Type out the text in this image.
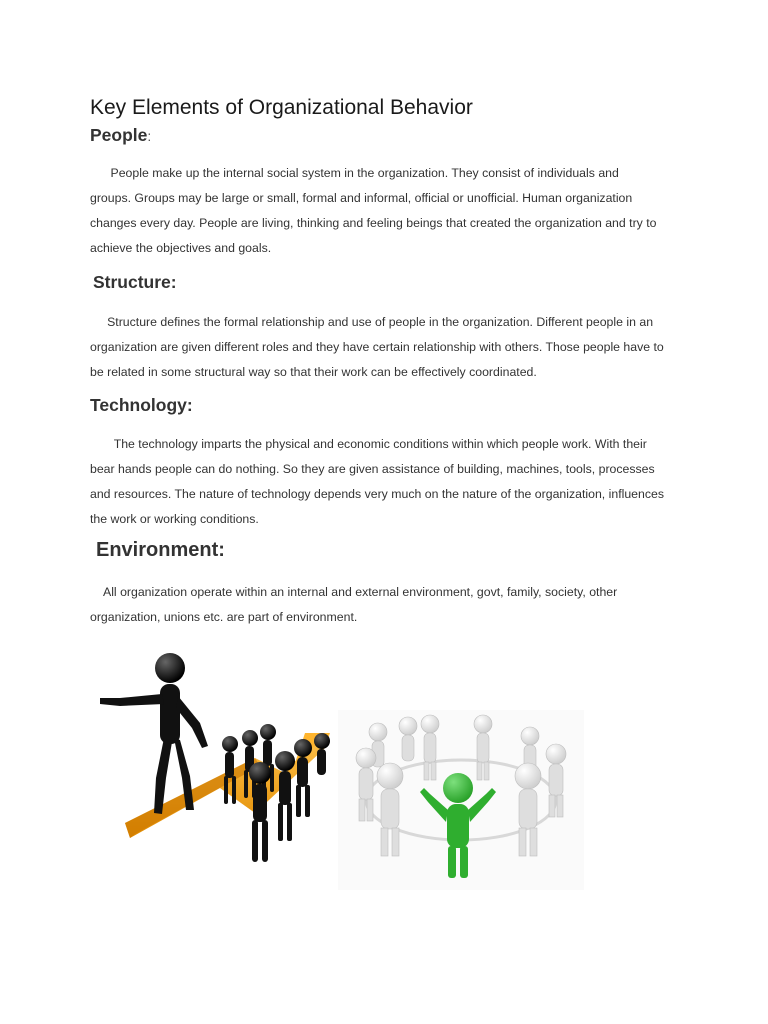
Key Elements of Organizational Behavior
People:

People make up the internal social system in the organization. They consist of individuals and
groups. Groups may be large or small, formal and informal, official or unofficial. Human organization
changes every day. People are living, thinking and feeling beings that created the organization and try to
achieve the objectives and goals.

Structure:

Structure defines the formal relationship and use of people in the organization. Different people in an
organization are given different roles and they have certain relationship with others. Those people have to
be related in some structural way so that their work can be effectively coordinated.

Technology:

The technology imparts the physical and economic conditions within which people work. With their
bear hands people can do nothing. So they are given assistance of building, machines, tools, processes
and resources. The nature of technology depends very much on the nature of the organization, influences
the work or working conditions.

Environment:

All organization operate within an internal and external environment, govt, family, society, other
organization, unions etc. are part of environment.
